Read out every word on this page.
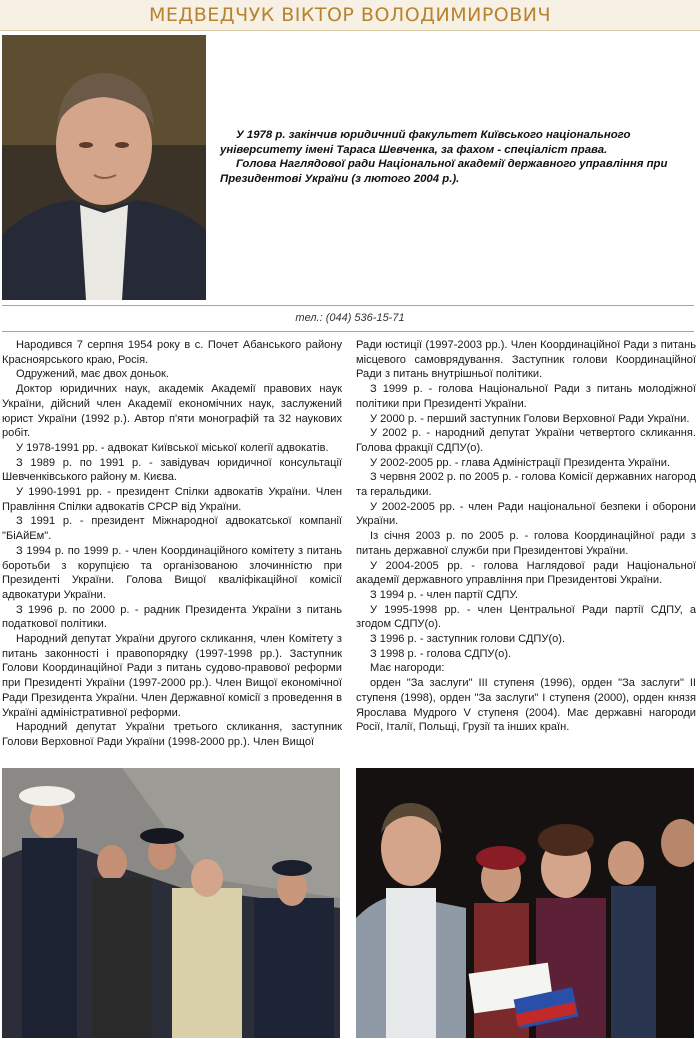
МЕДВЕДЧУК ВІКТОР ВОЛОДИМИРОВИЧ

У 1978 р. закінчив юридичний факультет Київського національного університету імені Тараса Шевченка, за фахом - спеціаліст права.

Голова Наглядової ради Національної академії державного управління при Президентові України (з лютого 2004 р.).

тел.: (044) 536-15-71

Народився 7 серпня 1954 року в с. Почет Абанського району Красноярського краю, Росія.

Одружений, має двох доньок.

Доктор юридичних наук, академік Академії правових наук України, дійсний член Академії економічних наук, заслужений юрист України (1992 р.). Автор п'яти монографій та 32 наукових робіт.

У 1978-1991 рр. - адвокат Київської міської колегії адвокатів.

З 1989 р. по 1991 р. - завідувач юридичної консультації Шевченківського району м. Києва.

У 1990-1991 рр. - президент Спілки адвокатів України. Член Правління Спілки адвокатів СРСР від України.

З 1991 р. - президент Міжнародної адвокатської компанії "БіАйЕм".

З 1994 р. по 1999 р. - член Координаційного комітету з питань боротьби з корупцією та організованою злочинністю при Президенті України. Голова Вищої кваліфікаційної комісії адвокатури України.

З 1996 р. по 2000 р. - радник Президента України з питань податкової політики.

Народний депутат України другого скликання, член Комітету з питань законності і правопорядку (1997-1998 рр.). Заступник Голови Координаційної Ради з питань судово-правової реформи при Президенті України (1997-2000 рр.). Член Вищої економічної Ради Президента України. Член Державної комісії з проведення в Україні адміністративної реформи.

Народний депутат України третього скликання, заступник Голови Верховної Ради України (1998-2000 рр.). Член Вищої

Ради юстиції (1997-2003 рр.). Член Координаційної Ради з питань місцевого самоврядування. Заступник голови Координаційної Ради з питань внутрішньої політики.

З 1999 р. - голова Національної Ради з питань молодіжної політики при Президенті України.

У 2000 р. - перший заступник Голови Верховної Ради України.

У 2002 р. - народний депутат України четвертого скликання. Голова фракції СДПУ(о).

У 2002-2005 рр. - глава Адміністрації Президента України.

З червня 2002 р. по 2005 р. - голова Комісії державних нагород та геральдики.

У 2002-2005 рр. - член Ради національної безпеки і оборони України.

Із січня 2003 р. по 2005 р. - голова Координаційної ради з питань державної служби при Президентові України.

У 2004-2005 рр. - голова Наглядової ради Національної академії державного управління при Президентові України.

З 1994 р. - член партії СДПУ.

У 1995-1998 рр. - член Центральної Ради партії СДПУ, а згодом СДПУ(о).

З 1996 р. - заступник голови СДПУ(о).

З 1998 р. - голова СДПУ(о).

Має нагороди:

орден "За заслуги" III ступеня (1996), орден "За заслуги" II ступеня (1998), орден "За заслуги" I ступеня (2000), орден князя Ярослава Мудрого V ступеня (2004). Має державні нагороди Росії, Італії, Польщі, Грузії та інших країн.
